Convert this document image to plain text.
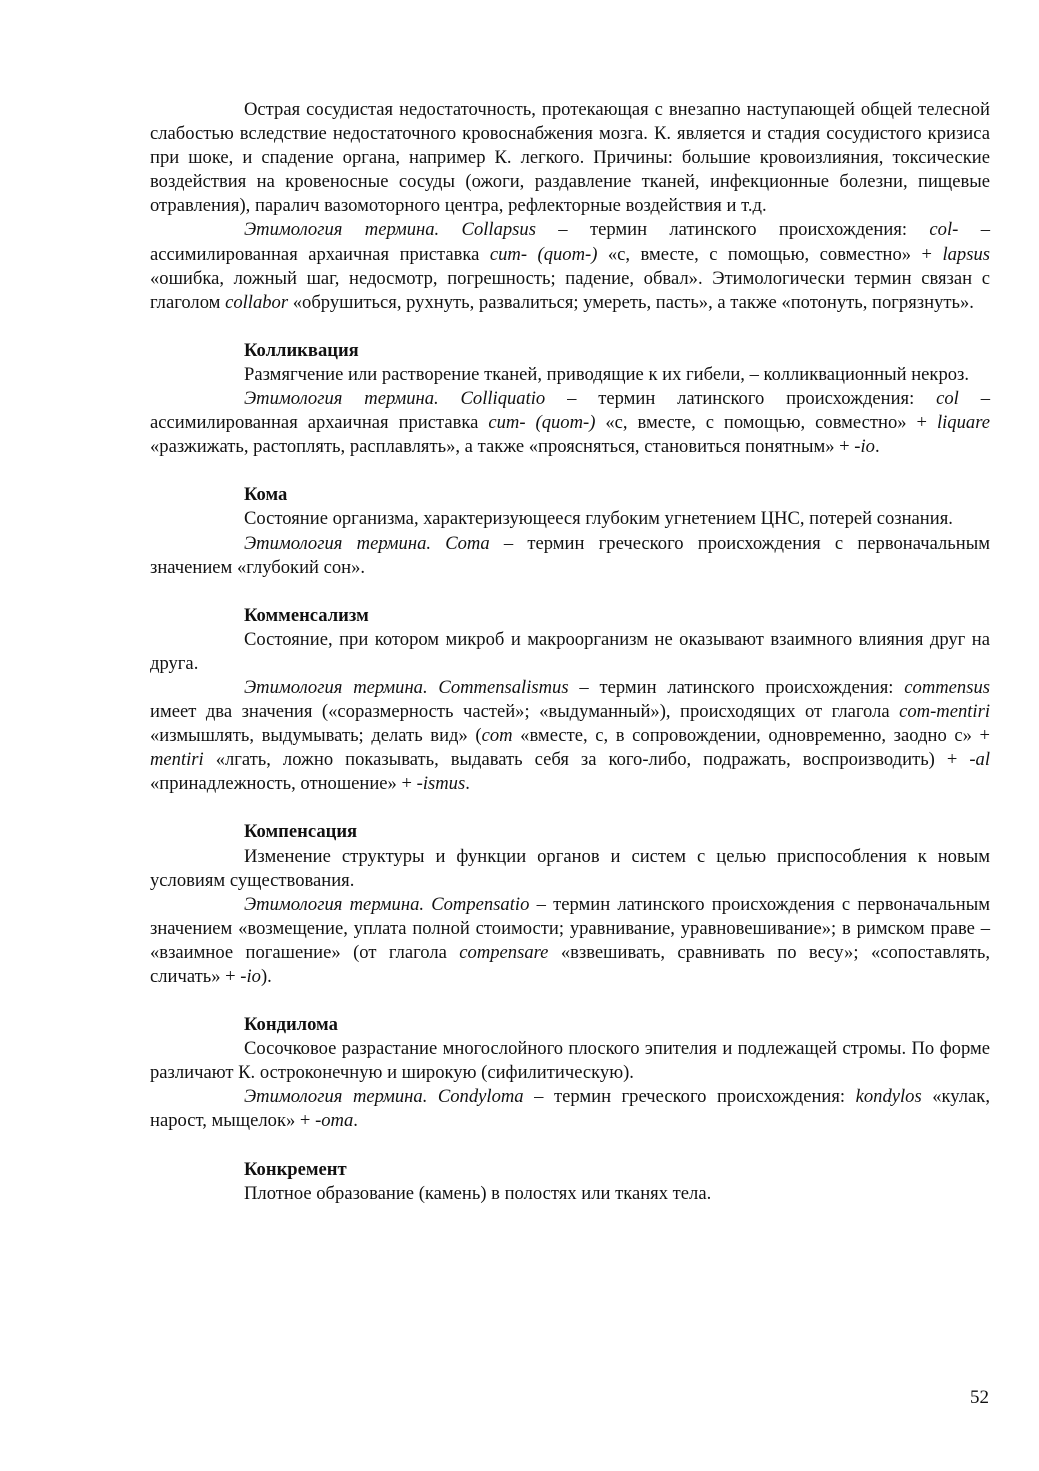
Острая сосудистая недостаточность, протекающая с внезапно наступающей общей телесной слабостью вследствие недостаточного кровоснабжения мозга. К. является и стадия сосудистого кризиса при шоке, и спадение органа, например К. легкого. Причины: большие кровоизлияния, токсические воздействия на кровеносные сосуды (ожоги, раздавление тканей, инфекционные болезни, пищевые отравления), паралич вазомоторного центра, рефлекторные воздействия и т.д.

Этимология термина. Collapsus – термин латинского происхождения: col- – ассимилированная архаичная приставка cum- (quom-) «с, вместе, с помощью, совместно» + lapsus «ошибка, ложный шаг, недосмотр, погрешность; падение, обвал». Этимологически термин связан с глаголом collabor «обрушиться, рухнуть, развалиться; умереть, пасть», а также «потонуть, погрязнуть».

Колликвация

Размягчение или растворение тканей, приводящие к их гибели, – колликвационный некроз.

Этимология термина. Colliquatio – термин латинского происхождения: col – ассимилированная архаичная приставка cum- (quom-) «с, вместе, с помощью, совместно» + liquare «разжижать, растоплять, расплавлять», а также «проясняться, становиться понятным» + -io.

Кома

Состояние организма, характеризующееся глубоким угнетением ЦНС, потерей сознания.

Этимология термина. Coma – термин греческого происхождения с первоначальным значением «глубокий сон».

Комменсализм

Состояние, при котором микроб и макроорганизм не оказывают взаимного влияния друг на друга.

Этимология термина. Commensalismus – термин латинского происхождения: commensus имеет два значения («соразмерность частей»; «выдуманный»), происходящих от глагола com-mentiri «измышлять, выдумывать; делать вид» (com «вместе, с, в сопровождении, одновременно, заодно с» + mentiri «лгать, ложно показывать, выдавать себя за кого-либо, подражать, воспроизводить) + -al «принадлежность, отношение» + -ismus.

Компенсация

Изменение структуры и функции органов и систем с целью приспособления к новым условиям существования.

Этимология термина. Compensatio – термин латинского происхождения с первоначальным значением «возмещение, уплата полной стоимости; уравнивание, уравновешивание»; в римском праве – «взаимное погашение» (от глагола compensare «взвешивать, сравнивать по весу»; «сопоставлять, сличать» + -io).

Кондилома

Сосочковое разрастание многослойного плоского эпителия и подлежащей стромы. По форме различают К. остроконечную и широкую (сифилитическую).

Этимология термина. Condyloma – термин греческого происхождения: kondylos «кулак, нарост, мыщелок» + -oma.

Конкремент

Плотное образование (камень) в полостях или тканях тела.

52
